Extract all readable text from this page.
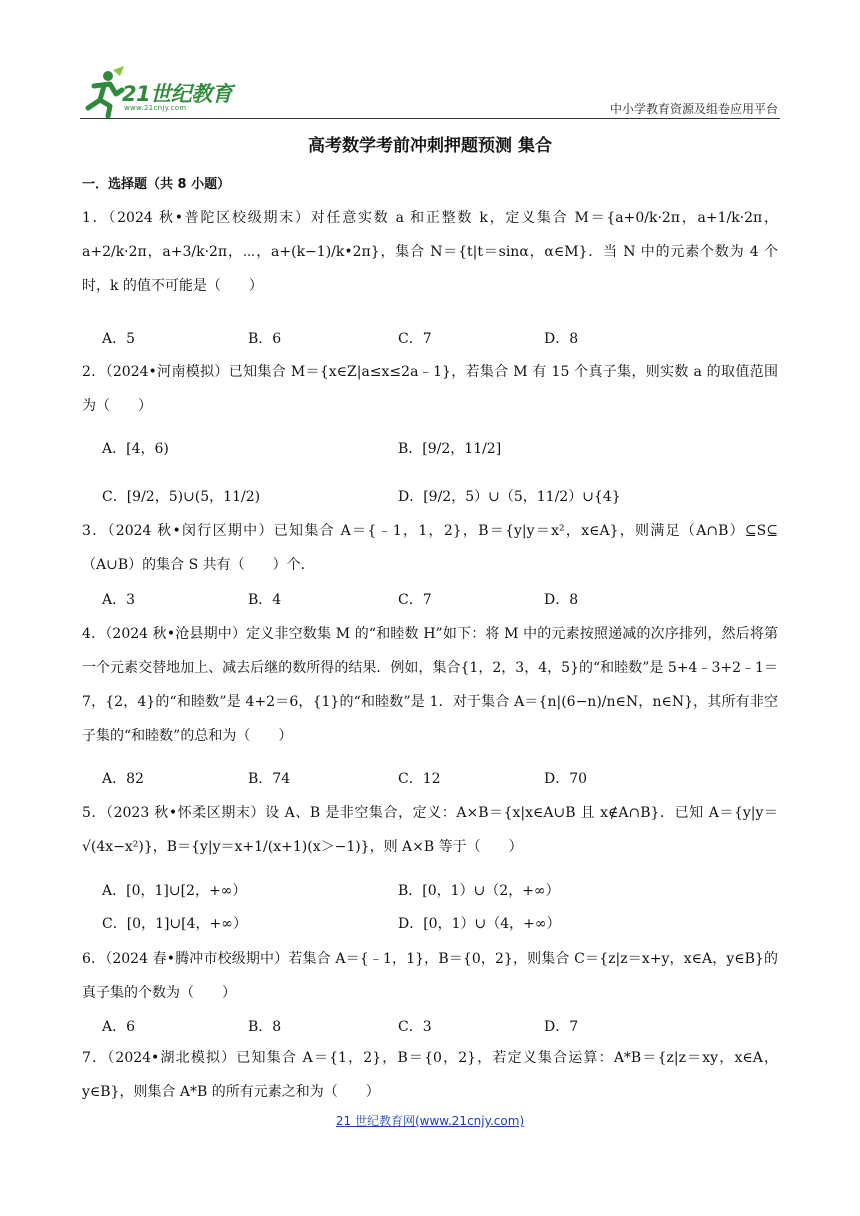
21世纪教育
www.21cnjy.com	中小学教育资源及组卷应用平台
高考数学考前冲刺押题预测 集合
一．选择题（共 8 小题）
1．（2024 秋•普陀区校级期末）对任意实数 a 和正整数 k，定义集合 M＝{a+0/k·2π，a+1/k·2π，a+2/k·2π，a+3/k·2π，⋯，a+(k−1)/k•2π}，集合 N＝{t|t＝sinα，α∈M}．当 N 中的元素个数为 4 个时，k 的值不可能是（　　）
A．5	B．6	C．7	D．8
2．（2024•河南模拟）已知集合 M＝{x∈Z|a≤x≤2a﹣1}，若集合 M 有 15 个真子集，则实数 a 的取值范围为（　　）
A．[4，6)	B．[9/2，11/2]
C．[9/2，5)∪(5，11/2)	D．[9/2，5）∪（5，11/2）∪{4}
3．（2024 秋•闵行区期中）已知集合 A＝{﹣1，1，2}，B＝{y|y＝x²，x∈A}，则满足（A∩B）⊆S⊆（A∪B）的集合 S 共有（　　）个．
A．3	B．4	C．7	D．8
4．（2024 秋•沧县期中）定义非空数集 M 的“和睦数 H”如下：将 M 中的元素按照递减的次序排列，然后将第一个元素交替地加上、减去后继的数所得的结果．例如，集合{1，2，3，4，5}的“和睦数”是 5+4﹣3+2﹣1＝7，{2，4}的“和睦数”是 4+2＝6，{1}的“和睦数”是 1．对于集合 A＝{n|(6−n)/n∈N，n∈N}，其所有非空子集的“和睦数”的总和为（　　）
A．82	B．74	C．12	D．70
5．（2023 秋•怀柔区期末）设 A、B 是非空集合，定义：A×B＝{x|x∈A∪B 且 x∉A∩B}．已知 A＝{y|y＝√(4x−x²)}，B＝{y|y＝x+1/(x+1)(x＞−1)}，则 A×B 等于（　　）
A．[0，1]∪[2，+∞）	B．[0，1）∪（2，+∞）
C．[0，1]∪[4，+∞）	D．[0，1）∪（4，+∞）
6．（2024 春•腾冲市校级期中）若集合 A＝{﹣1，1}，B＝{0，2}，则集合 C＝{z|z＝x+y，x∈A，y∈B}的真子集的个数为（　　）
A．6	B．8	C．3	D．7
7．（2024•湖北模拟）已知集合 A＝{1，2}，B＝{0，2}，若定义集合运算：A*B＝{z|z＝xy，x∈A，y∈B}，则集合 A*B 的所有元素之和为（　　）
21 世纪教育网(www.21cnjy.com)
